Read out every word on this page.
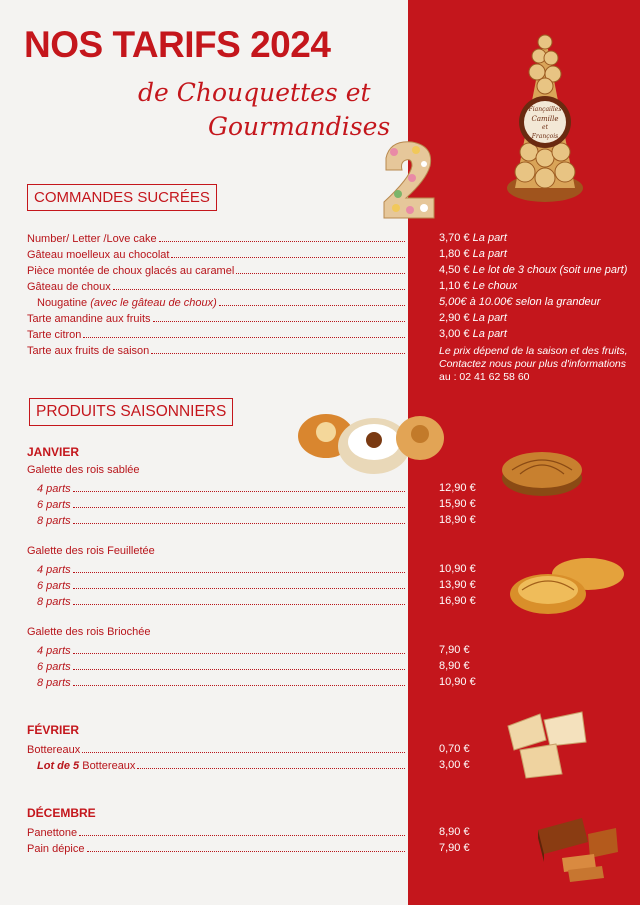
NOS TARIFS 2024
de Chouquettes et
Gourmandises
Fiançailles
Camille
et
François
COMMANDES SUCRÉES
Number/ Letter /Love cake	3,70 € La part
Gâteau moelleux au chocolat	1,80 € La part
Pièce montée de choux glacés au caramel	4,50 € Le lot de 3 choux (soit une part)
Gâteau de choux	1,10 € Le choux
Nougatine (avec le gâteau de choux)	5,00€ à 10.00€ selon la grandeur
Tarte amandine aux fruits	2,90 € La part
Tarte citron	3,00 € La part
Tarte aux fruits de saison	Le prix dépend de la saison et des fruits,
Contactez nous pour plus d'informations
au : 02 41 62 58 60
PRODUITS SAISONNIERS
JANVIER
Galette des rois sablée
4 parts	12,90 €
6 parts	15,90 €
8 parts	18,90 €
Galette des rois Feuilletée
4 parts	10,90 €
6 parts	13,90 €
8 parts	16,90 €
Galette des rois Briochée
4 parts	7,90 €
6 parts	8,90 €
8 parts	10,90 €
FÉVRIER
Bottereaux	0,70 €
Lot de 5 Bottereaux	3,00 €
DÉCEMBRE
Panettone	8,90 €
Pain dépice	7,90 €
